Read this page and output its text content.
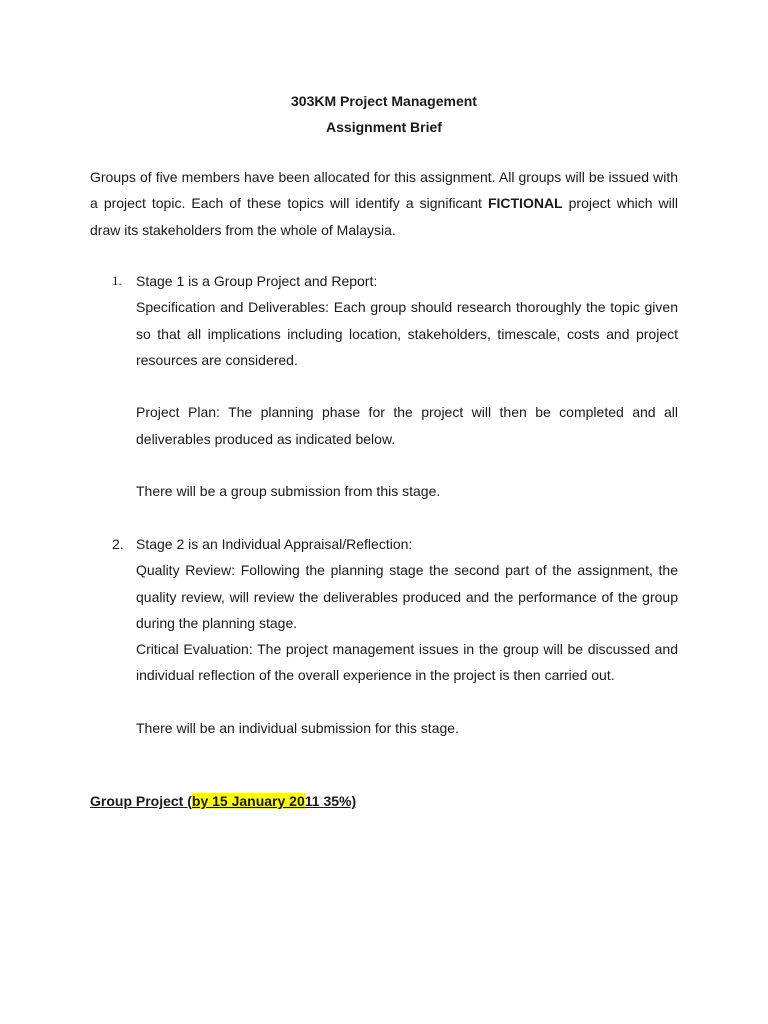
303KM Project Management
Assignment Brief
Groups of five members have been allocated for this assignment. All groups will be issued with a project topic. Each of these topics will identify a significant FICTIONAL project which will draw its stakeholders from the whole of Malaysia.
1. Stage 1 is a Group Project and Report:

Specification and Deliverables: Each group should research thoroughly the topic given so that all implications including location, stakeholders, timescale, costs and project resources are considered.

Project Plan: The planning phase for the project will then be completed and all deliverables produced as indicated below.

There will be a group submission from this stage.

2. Stage 2 is an Individual Appraisal/Reflection:

Quality Review: Following the planning stage the second part of the assignment, the quality review, will review the deliverables produced and the performance of the group during the planning stage.

Critical Evaluation: The project management issues in the group will be discussed and individual reflection of the overall experience in the project is then carried out.

There will be an individual submission for this stage.

Group Project (by 15 January 2011 35%)
